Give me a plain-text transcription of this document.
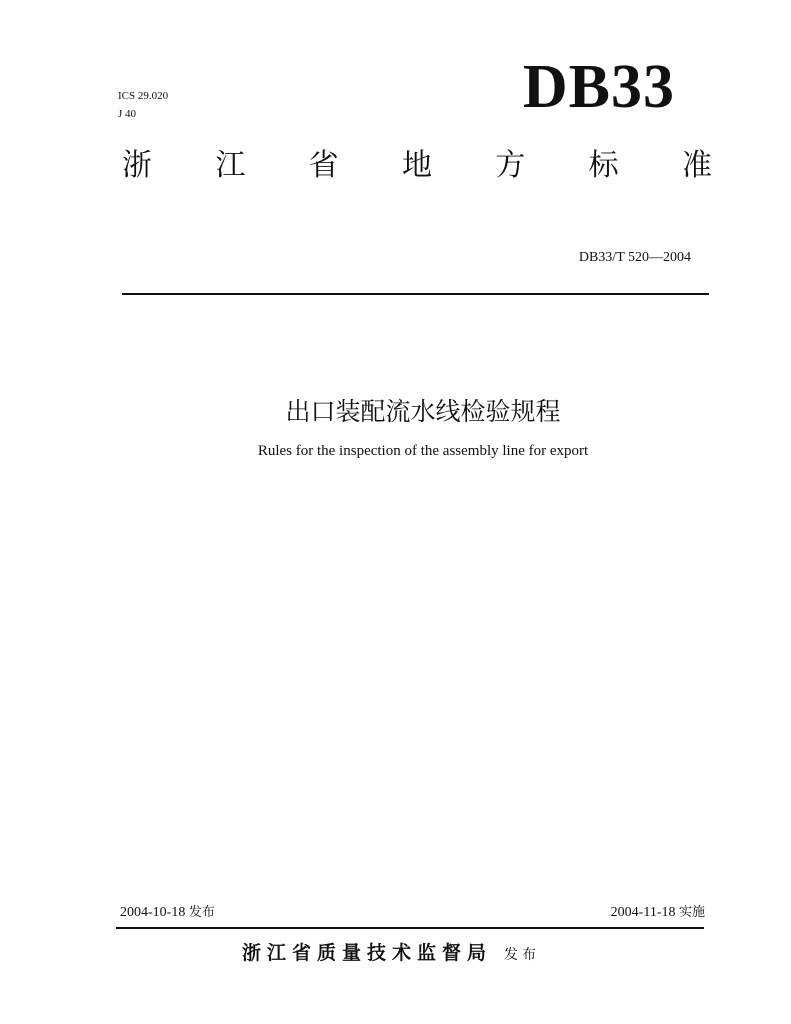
ICS 29.020
J 40	DB33
浙 江 省 地 方 标 准
DB33/T 520—2004
出口装配流水线检验规程
Rules for the inspection of the assembly line for export
2004-10-18 发布	2004-11-18 实施
浙江省质量技术监督局 发布
